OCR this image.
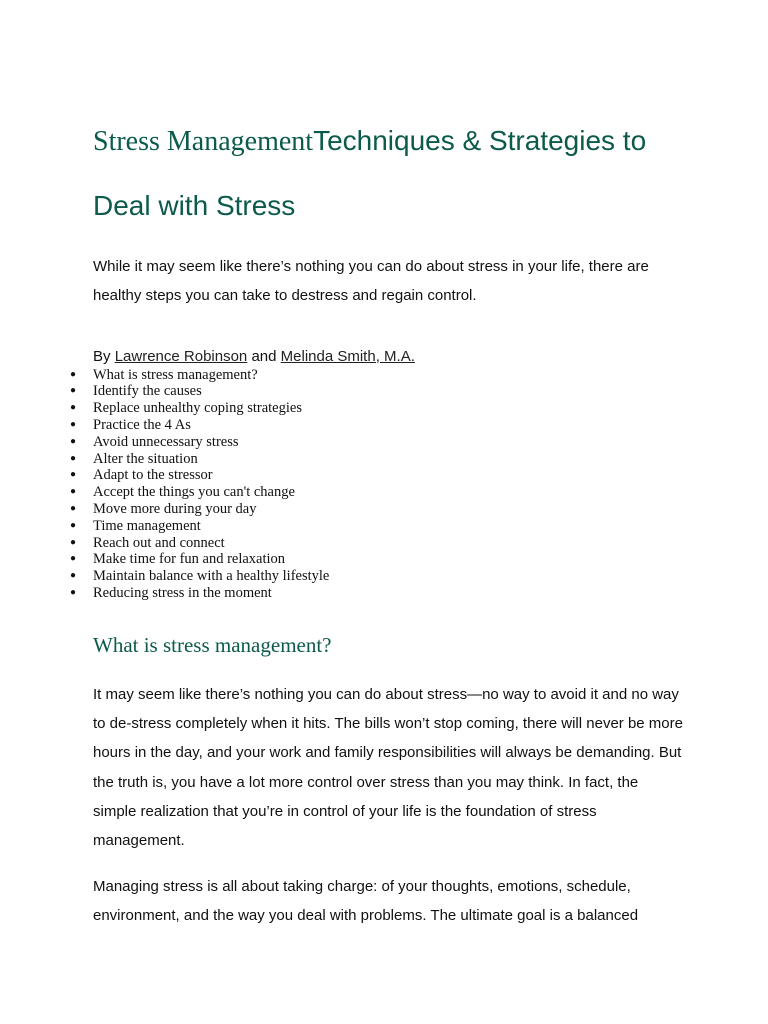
Stress ManagementTechniques & Strategies to Deal with Stress

While it may seem like there’s nothing you can do about stress in your life, there are healthy steps you can take to destress and regain control.

By Lawrence Robinson and Melinda Smith, M.A.

● What is stress management?
● Identify the causes
● Replace unhealthy coping strategies
● Practice the 4 As
● Avoid unnecessary stress
● Alter the situation
● Adapt to the stressor
● Accept the things you can't change
● Move more during your day
● Time management
● Reach out and connect
● Make time for fun and relaxation
● Maintain balance with a healthy lifestyle
● Reducing stress in the moment
What is stress management?

It may seem like there’s nothing you can do about stress—no way to avoid it and no way to de-stress completely when it hits. The bills won’t stop coming, there will never be more hours in the day, and your work and family responsibilities will always be demanding. But the truth is, you have a lot more control over stress than you may think. In fact, the simple realization that you’re in control of your life is the foundation of stress management.

Managing stress is all about taking charge: of your thoughts, emotions, schedule, environment, and the way you deal with problems. The ultimate goal is a balanced
